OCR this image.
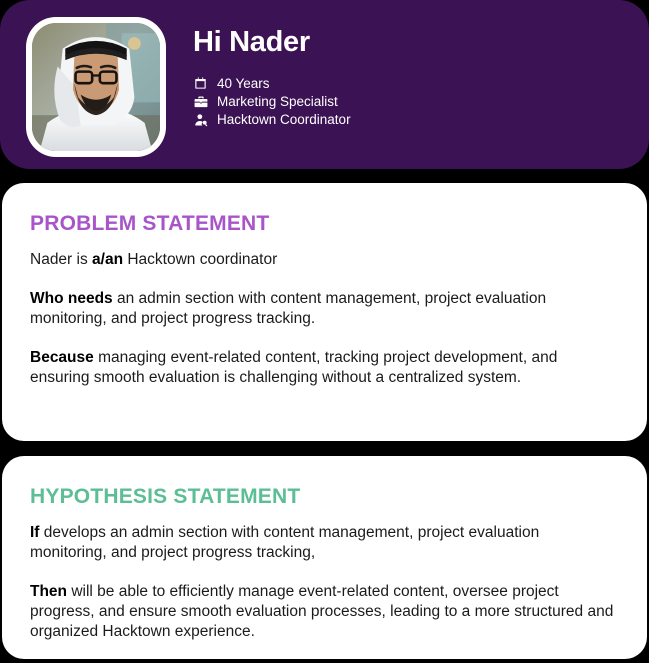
Hi Nader
40 Years
Marketing Specialist
Hacktown Coordinator
PROBLEM STATEMENT

Nader is a/an Hacktown coordinator

Who needs an admin section with content management, project evaluation monitoring, and project progress tracking.

Because managing event-related content, tracking project development, and ensuring smooth evaluation is challenging without a centralized system.

HYPOTHESIS STATEMENT

If develops an admin section with content management, project evaluation monitoring, and project progress tracking,

Then will be able to efficiently manage event-related content, oversee project progress, and ensure smooth evaluation processes, leading to a more structured and organized Hacktown experience.
